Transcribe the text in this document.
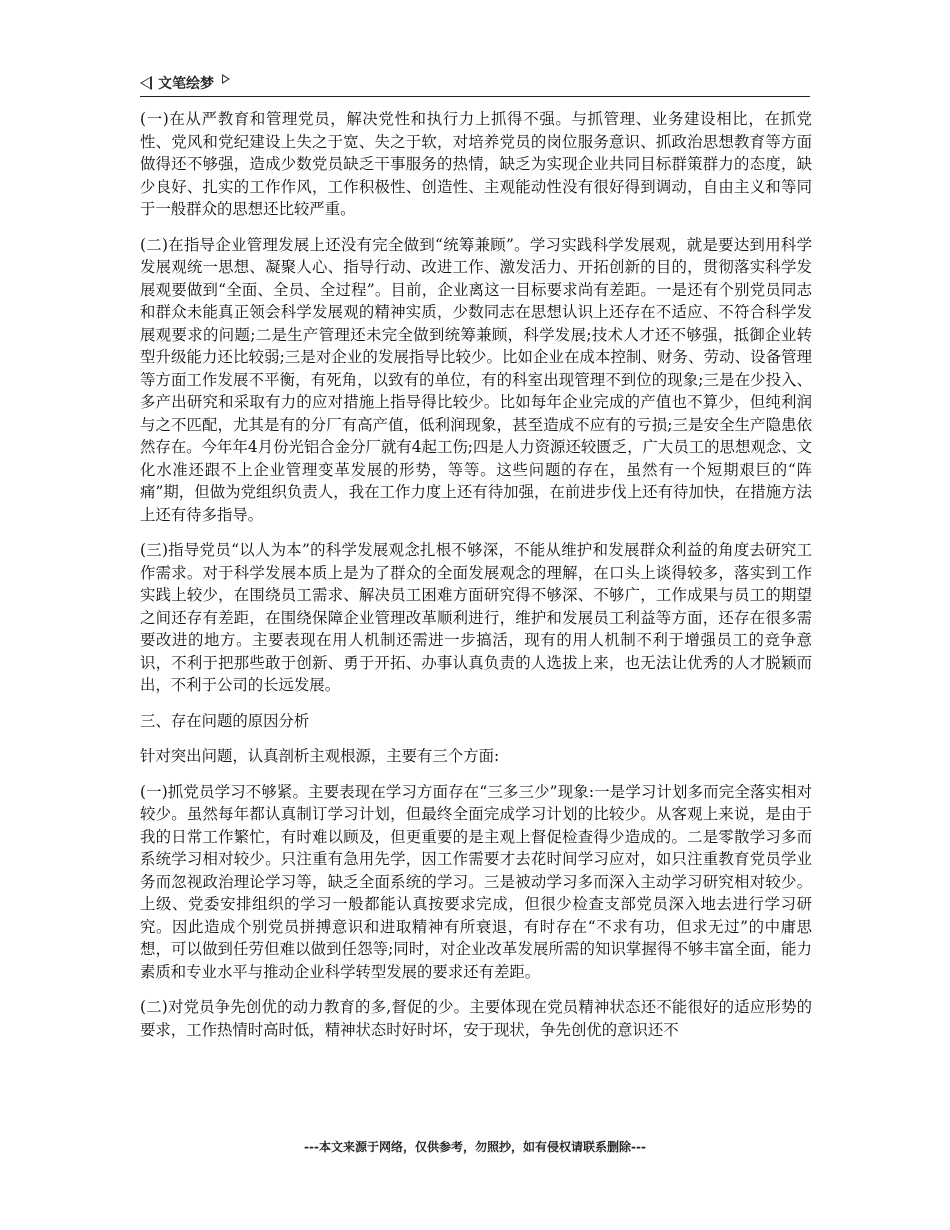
文笔绘梦

(一)在从严教育和管理党员，解决党性和执行力上抓得不强。与抓管理、业务建设相比，在抓党性、党风和党纪建设上失之于宽、失之于软，对培养党员的岗位服务意识、抓政治思想教育等方面做得还不够强，造成少数党员缺乏干事服务的热情，缺乏为实现企业共同目标群策群力的态度，缺少良好、扎实的工作作风，工作积极性、创造性、主观能动性没有很好得到调动，自由主义和等同于一般群众的思想还比较严重。

(二)在指导企业管理发展上还没有完全做到“统筹兼顾”。学习实践科学发展观，就是要达到用科学发展观统一思想、凝聚人心、指导行动、改进工作、激发活力、开拓创新的目的，贯彻落实科学发展观要做到“全面、全员、全过程”。目前，企业离这一目标要求尚有差距。一是还有个别党员同志和群众未能真正领会科学发展观的精神实质，少数同志在思想认识上还存在不适应、不符合科学发展观要求的问题;二是生产管理还未完全做到统筹兼顾，科学发展;技术人才还不够强，抵御企业转型升级能力还比较弱;三是对企业的发展指导比较少。比如企业在成本控制、财务、劳动、设备管理等方面工作发展不平衡，有死角，以致有的单位，有的科室出现管理不到位的现象;三是在少投入、多产出研究和采取有力的应对措施上指导得比较少。比如每年企业完成的产值也不算少，但纯利润与之不匹配，尤其是有的分厂有高产值，低利润现象，甚至造成不应有的亏损;三是安全生产隐患依然存在。今年年4月份光铝合金分厂就有4起工伤;四是人力资源还较匮乏，广大员工的思想观念、文化水准还跟不上企业管理变革发展的形势，等等。这些问题的存在，虽然有一个短期艰巨的“阵痛”期，但做为党组织负责人，我在工作力度上还有待加强，在前进步伐上还有待加快，在措施方法上还有待多指导。

(三)指导党员“以人为本”的科学发展观念扎根不够深，不能从维护和发展群众利益的角度去研究工作需求。对于科学发展本质上是为了群众的全面发展观念的理解，在口头上谈得较多，落实到工作实践上较少，在围绕员工需求、解决员工困难方面研究得不够深、不够广，工作成果与员工的期望之间还存有差距，在围绕保障企业管理改革顺利进行，维护和发展员工利益等方面，还存在很多需要改进的地方。主要表现在用人机制还需进一步搞活，现有的用人机制不利于增强员工的竞争意识，不利于把那些敢于创新、勇于开拓、办事认真负责的人选拔上来，也无法让优秀的人才脱颖而出，不利于公司的长远发展。

三、存在问题的原因分析

针对突出问题，认真剖析主观根源，主要有三个方面:

(一)抓党员学习不够紧。主要表现在学习方面存在“三多三少”现象:一是学习计划多而完全落实相对较少。虽然每年都认真制订学习计划，但最终全面完成学习计划的比较少。从客观上来说，是由于我的日常工作繁忙，有时难以顾及，但更重要的是主观上督促检查得少造成的。二是零散学习多而系统学习相对较少。只注重有急用先学，因工作需要才去花时间学习应对，如只注重教育党员学业务而忽视政治理论学习等，缺乏全面系统的学习。三是被动学习多而深入主动学习研究相对较少。上级、党委安排组织的学习一般都能认真按要求完成，但很少检查支部党员深入地去进行学习研究。因此造成个别党员拼搏意识和进取精神有所衰退，有时存在“不求有功，但求无过”的中庸思想，可以做到任劳但难以做到任怨等;同时，对企业改革发展所需的知识掌握得不够丰富全面，能力素质和专业水平与推动企业科学转型发展的要求还有差距。

(二)对党员争先创优的动力教育的多,督促的少。主要体现在党员精神状态还不能很好的适应形势的要求，工作热情时高时低，精神状态时好时坏，安于现状，争先创优的意识还不

---本文来源于网络，仅供参考，勿照抄，如有侵权请联系删除---
